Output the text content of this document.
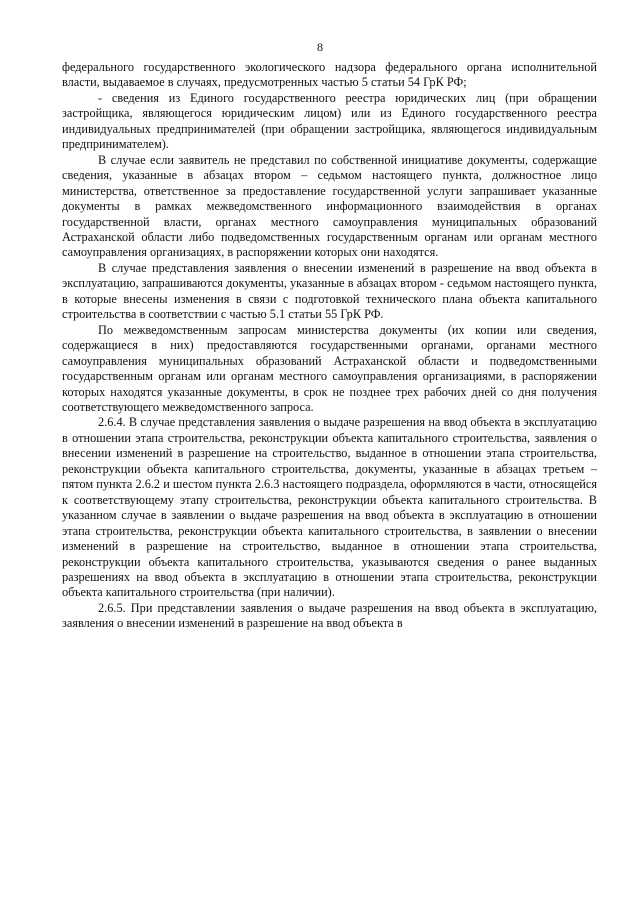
8

федерального государственного экологического надзора федерального органа исполнительной власти, выдаваемое в случаях, предусмотренных частью 5 статьи 54 ГрК РФ;

- сведения из Единого государственного реестра юридических лиц (при обращении застройщика, являющегося юридическим лицом) или из Единого государственного реестра индивидуальных предпринимателей (при обращении застройщика, являющегося индивидуальным предпринимателем).

В случае если заявитель не представил по собственной инициативе документы, содержащие сведения, указанные в абзацах втором – седьмом настоящего пункта, должностное лицо министерства, ответственное за предоставление государственной услуги запрашивает указанные документы в рамках межведомственного информационного взаимодействия в органах государственной власти, органах местного самоуправления муниципальных образований Астраханской области либо подведомственных государственным органам или органам местного самоуправления организациях, в распоряжении которых они находятся.

В случае представления заявления о внесении изменений в разрешение на ввод объекта в эксплуатацию, запрашиваются документы, указанные в абзацах втором - седьмом настоящего пункта, в которые внесены изменения в связи с подготовкой технического плана объекта капитального строительства в соответствии с частью 5.1 статьи 55 ГрК РФ.

По межведомственным запросам министерства документы (их копии или сведения, содержащиеся в них) предоставляются государственными органами, органами местного самоуправления муниципальных образований Астраханской области и подведомственными государственным органам или органам местного самоуправления организациями, в распоряжении которых находятся указанные документы, в срок не позднее трех рабочих дней со дня получения соответствующего межведомственного запроса.

2.6.4. В случае представления заявления о выдаче разрешения на ввод объекта в эксплуатацию в отношении этапа строительства, реконструкции объекта капитального строительства, заявления о внесении изменений в разрешение на строительство, выданное в отношении этапа строительства, реконструкции объекта капитального строительства, документы, указанные в абзацах третьем – пятом пункта 2.6.2 и шестом пункта 2.6.3 настоящего подраздела, оформляются в части, относящейся к соответствующему этапу строительства, реконструкции объекта капитального строительства. В указанном случае в заявлении о выдаче разрешения на ввод объекта в эксплуатацию в отношении этапа строительства, реконструкции объекта капитального строительства, в заявлении о внесении изменений в разрешение на строительство, выданное в отношении этапа строительства, реконструкции объекта капитального строительства, указываются сведения о ранее выданных разрешениях на ввод объекта в эксплуатацию в отношении этапа строительства, реконструкции объекта капитального строительства (при наличии).

2.6.5. При представлении заявления о выдаче разрешения на ввод объекта в эксплуатацию, заявления о внесении изменений в разрешение на ввод объекта в
